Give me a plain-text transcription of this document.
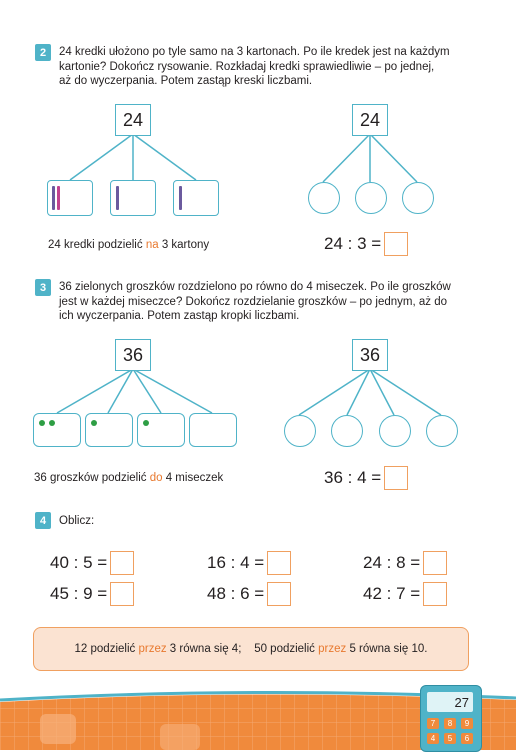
2	24 kredki ułożono po tyle samo na 3 kartonach. Po ile kredek jest na każdym
kartonie? Dokończ rysowanie. Rozkładaj kredki sprawiedliwie – po jednej,
aż do wyczerpania. Potem zastąp kreski liczbami.
24	24
24 kredki podzielić na 3 kartony	24 : 3 =
3	36 zielonych groszków rozdzielono po równo do 4 miseczek. Po ile groszków
jest w każdej miseczce? Dokończ rozdzielanie groszków – po jednym, aż do
ich wyczerpania. Potem zastąp kropki liczbami.
36	36
36 groszków podzielić do 4 miseczek	36 : 4 =
4	Oblicz:
40 : 5 =	16 : 4 =	24 : 8 =
45 : 9 =	48 : 6 =	42 : 7 =
12 podzielić
przez
3 równa się 4;
50 podzielić
przez
5 równa się 10.
27
7	8	9
4	5	6
